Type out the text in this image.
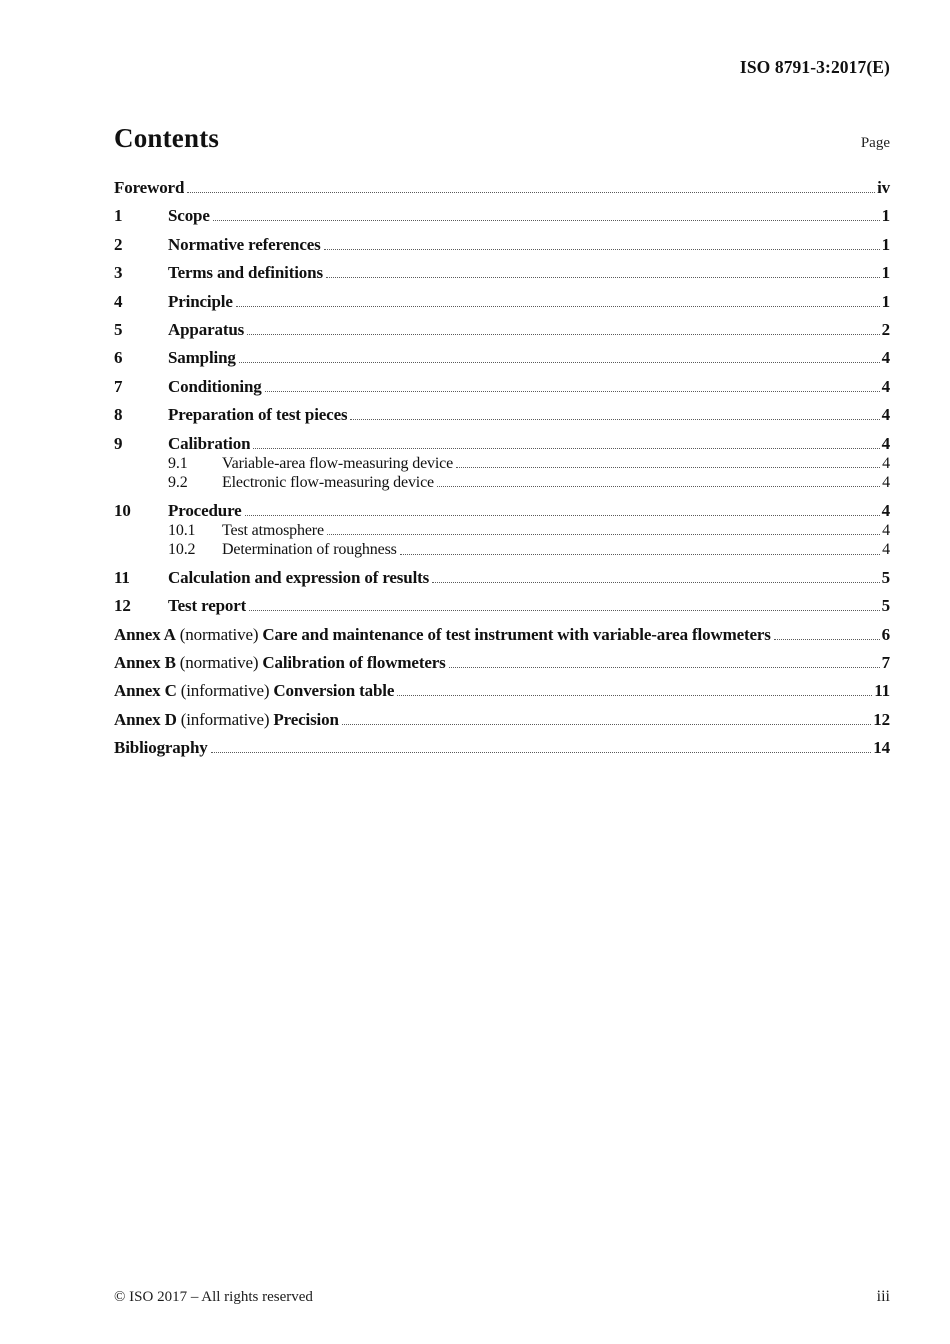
ISO 8791-3:2017(E)
Contents	Page
Foreword	iv
1	Scope	1
2	Normative references	1
3	Terms and definitions	1
4	Principle	1
5	Apparatus	2
6	Sampling	4
7	Conditioning	4
8	Preparation of test pieces	4
9	Calibration	4
9.1	Variable-area flow-measuring device	4
9.2	Electronic flow-measuring device	4
10	Procedure	4
10.1	Test atmosphere	4
10.2	Determination of roughness	4
11	Calculation and expression of results	5
12	Test report	5
Annex A (normative) Care and maintenance of test instrument with variable-area flowmeters	6
Annex B (normative) Calibration of flowmeters	7
Annex C (informative) Conversion table	11
Annex D (informative) Precision	12
Bibliography	14
© ISO 2017 – All rights reserved	iii
